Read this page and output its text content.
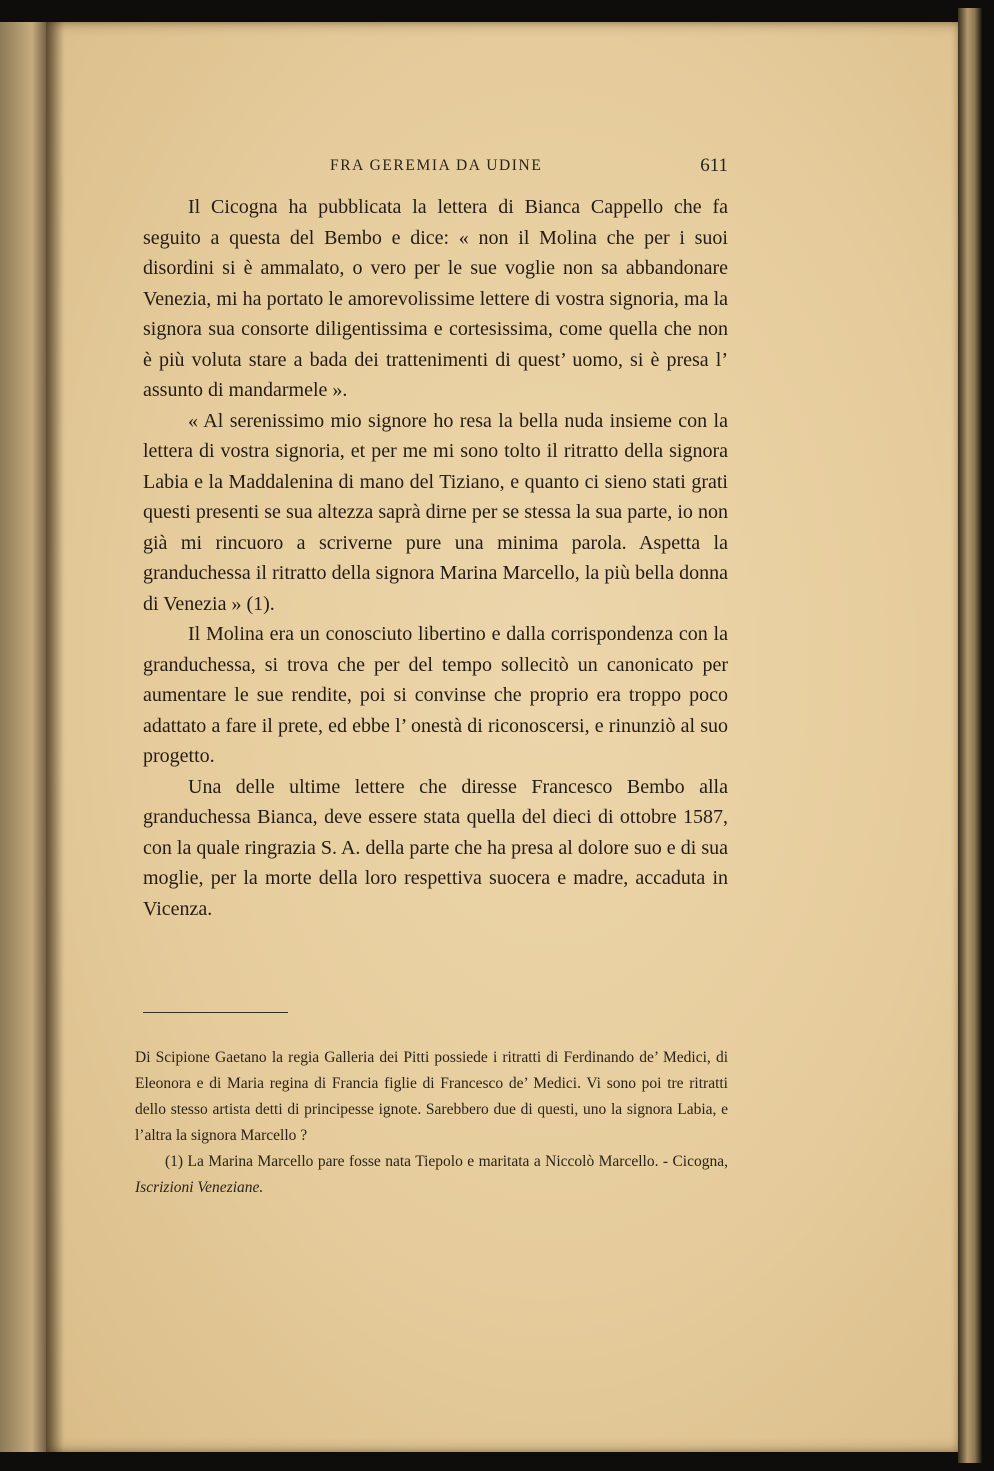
FRA GEREMIA DA UDINE	611

Il Cicogna ha pubblicata la lettera di Bianca Cappello che fa seguito a questa del Bembo e dice: « non il Molina che per i suoi disordini si è ammalato, o vero per le sue voglie non sa abbandonare Venezia, mi ha portato le amorevolissime lettere di vostra signoria, ma la signora sua consorte diligentissima e cortesissima, come quella che non è più voluta stare a bada dei trattenimenti di quest’ uomo, si è presa l’ assunto di mandarmele ».

« Al serenissimo mio signore ho resa la bella nuda insieme con la lettera di vostra signoria, et per me mi sono tolto il ritratto della signora Labia e la Maddalenina di mano del Tiziano, e quanto ci sieno stati grati questi presenti se sua altezza saprà dirne per se stessa la sua parte, io non già mi rincuoro a scriverne pure una minima parola. Aspetta la granduchessa il ritratto della signora Marina Marcello, la più bella donna di Venezia » (1).

Il Molina era un conosciuto libertino e dalla corrispondenza con la granduchessa, si trova che per del tempo sollecitò un canonicato per aumentare le sue rendite, poi si convinse che proprio era troppo poco adattato a fare il prete, ed ebbe l’ onestà di riconoscersi, e rinunziò al suo progetto.

Una delle ultime lettere che diresse Francesco Bembo alla granduchessa Bianca, deve essere stata quella del dieci di ottobre 1587, con la quale ringrazia S. A. della parte che ha presa al dolore suo e di sua moglie, per la morte della loro respettiva suocera e madre, accaduta in Vicenza.

Di Scipione Gaetano la regia Galleria dei Pitti possiede i ritratti di Ferdinando de’ Medici, di Eleonora e di Maria regina di Francia figlie di Francesco de’ Medici. Vi sono poi tre ritratti dello stesso artista detti di principesse ignote. Sarebbero due di questi, uno la signora Labia, e l’altra la signora Marcello ?

(1) La Marina Marcello pare fosse nata Tiepolo e maritata a Niccolò Marcello. - Cicogna, Iscrizioni Veneziane.
